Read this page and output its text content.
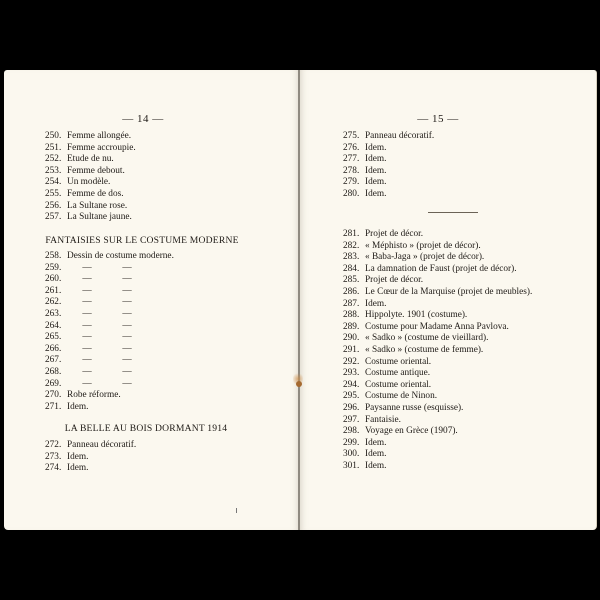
— 14 —
250. Femme allongée.
251. Femme accroupie.
252. Etude de nu.
253. Femme debout.
254. Un modèle.
255. Femme de dos.
256. La Sultane rose.
257. La Sultane jaune.
FANTAISIES SUR LE COSTUME MODERNE
258. Dessin de costume moderne.
259. —	—
260. —	—
261. —	—
262. —	—
263. —	—
264. —	—
265. —	—
266. —	—
267. —	—
268. —	—
269. —	—
270. Robe réforme.
271. Idem.
LA BELLE AU BOIS DORMANT 1914
272. Panneau décoratif.
273. Idem.
274. Idem.
— 15 —
275. Panneau décoratif.
276. Idem.
277. Idem.
278. Idem.
279. Idem.
280. Idem.
281. Projet de décor.
282. « Méphisto » (projet de décor).
283. « Baba-Jaga » (projet de décor).
284. La damnation de Faust (projet de décor).
285. Projet de décor.
286. Le Cœur de la Marquise (projet de meubles).
287. Idem.
288. Hippolyte. 1901 (costume).
289. Costume pour Madame Anna Pavlova.
290. « Sadko » (costume de vieillard).
291. « Sadko » (costume de femme).
292. Costume oriental.
293. Costume antique.
294. Costume oriental.
295. Costume de Ninon.
296. Paysanne russe (esquisse).
297. Fantaisie.
298. Voyage en Grèce (1907).
299. Idem.
300. Idem.
301. Idem.
